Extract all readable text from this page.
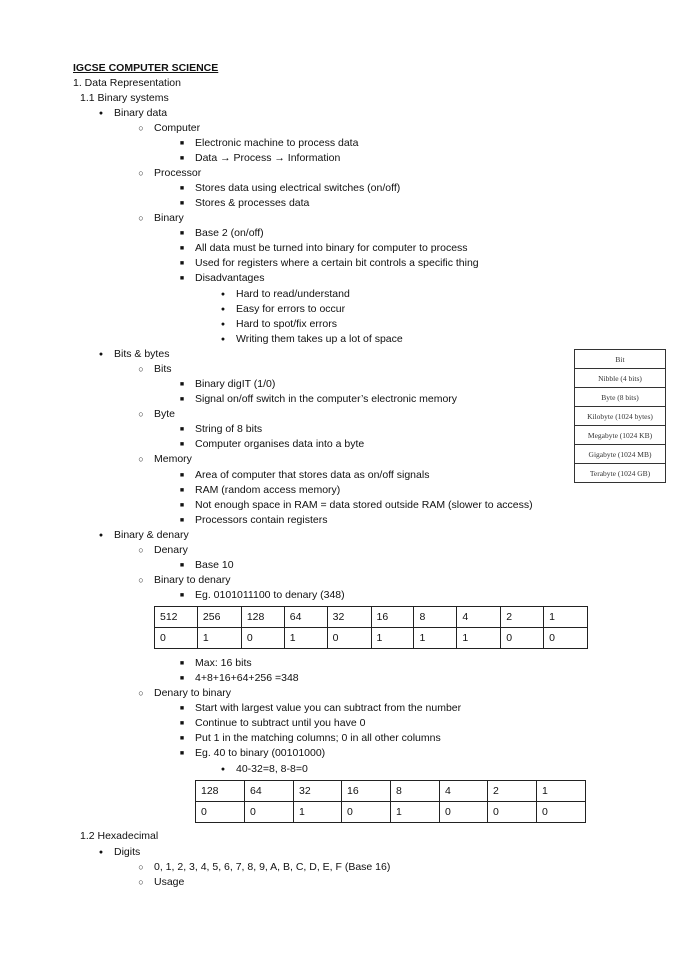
IGCSE COMPUTER SCIENCE
1. Data Representation
1.1 Binary systems
● Binary data
○ Computer
■ Electronic machine to process data
■ Data → Process → Information
○ Processor
■ Stores data using electrical switches (on/off)
■ Stores & processes data
○ Binary
■ Base 2 (on/off)
■ All data must be turned into binary for computer to process
■ Used for registers where a certain bit controls a specific thing
■ Disadvantages
● Hard to read/understand
● Easy for errors to occur
● Hard to spot/fix errors
● Writing them takes up a lot of space
● Bits & bytes
○ Bits
■ Binary digIT (1/0)
■ Signal on/off switch in the computer’s electronic memory
○ Byte
■ String of 8 bits
■ Computer organises data into a byte
○ Memory
■ Area of computer that stores data as on/off signals
■ RAM (random access memory)
■ Not enough space in RAM = data stored outside RAM (slower to access)
■ Processors contain registers
Bit
Nibble (4 bits)
Byte (8 bits)
Kilobyte (1024 bytes)
Megabyte (1024 KB)
Gigabyte (1024 MB)
Terabyte (1024 GB)
● Binary & denary
○ Denary
■ Base 10
○ Binary to denary
■ Eg. 0101011100 to denary (348)
512	256	128	64	32	16	8	4	2	1
0	1	0	1	0	1	1	1	0	0
■ Max: 16 bits
■ 4+8+16+64+256 =348
○ Denary to binary
■ Start with largest value you can subtract from the number
■ Continue to subtract until you have 0
■ Put 1 in the matching columns; 0 in all other columns
■ Eg. 40 to binary (00101000)
● 40-32=8, 8-8=0
128	64	32	16	8	4	2	1
0	0	1	0	1	0	0	0
1.2 Hexadecimal
● Digits
○ 0, 1, 2, 3, 4, 5, 6, 7, 8, 9, A, B, C, D, E, F (Base 16)
○ Usage
